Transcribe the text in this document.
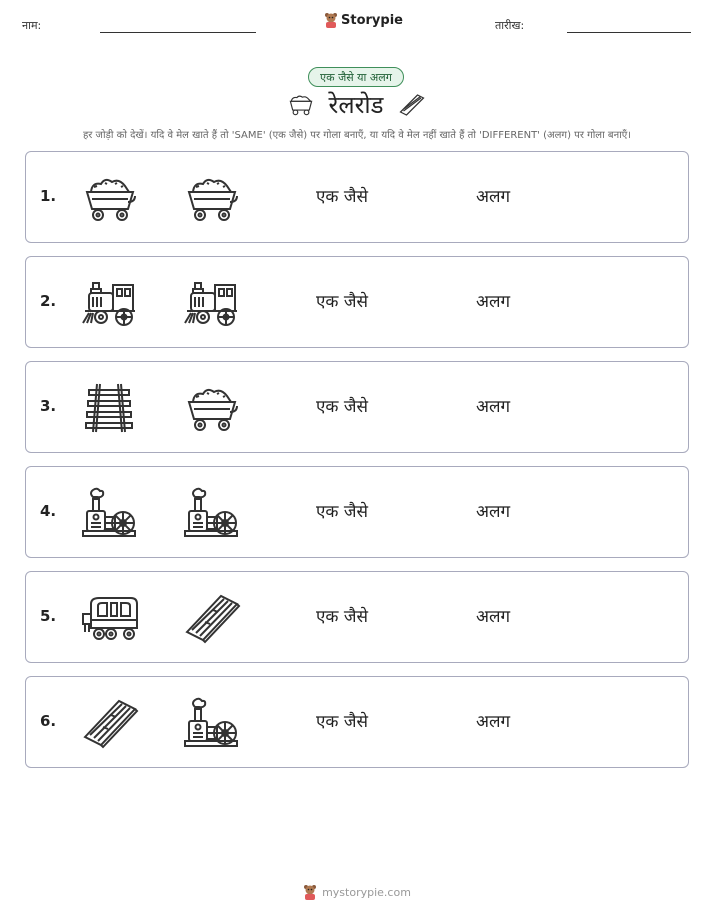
नाम:	Storypie	तारीख:
एक जैसे या अलग
रेलरोड
हर जोड़ी को देखें। यदि वे मेल खाते हैं तो 'SAME' (एक जैसे) पर गोला बनाएँ, या यदि वे मेल नहीं खाते हैं तो 'DIFFERENT' (अलग) पर गोला बनाएँ।
1.	एक जैसे	अलग
2.	एक जैसे	अलग
3.	एक जैसे	अलग
4.	एक जैसे	अलग
5.	एक जैसे	अलग
6.	एक जैसे	अलग
mystorypie.com
